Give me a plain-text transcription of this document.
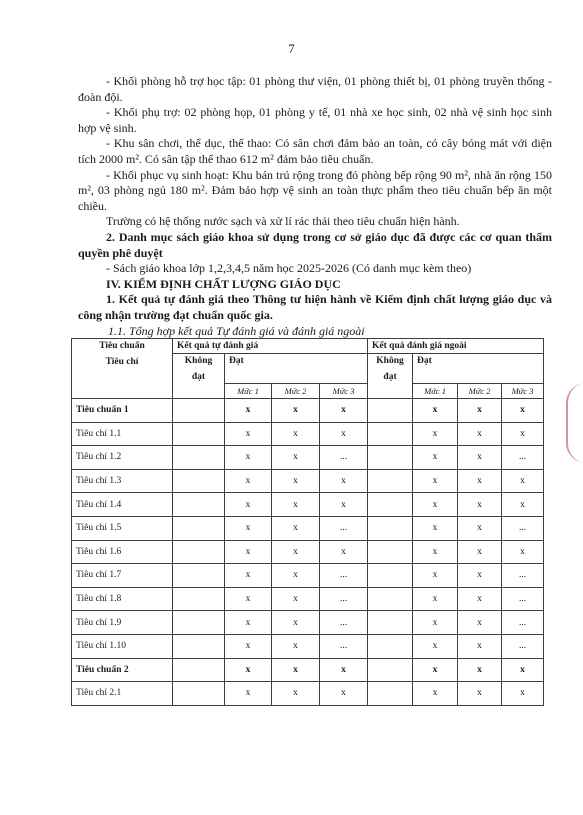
7

- Khối phòng hỗ trợ học tập: 01 phòng thư viện, 01 phòng thiết bị, 01 phòng truyền thống - đoàn đội.

- Khối phụ trợ: 02 phòng họp, 01 phòng y tế, 01 nhà xe học sinh, 02 nhà vệ sinh học sinh hợp vệ sinh.

- Khu sân chơi, thể dục, thể thao: Có sân chơi đảm bảo an toàn, có cây bóng mát với diện tích 2000 m². Có sân tập thể thao 612 m² đảm bảo tiêu chuẩn.

- Khối phục vụ sinh hoạt: Khu bán trú rộng trong đó phòng bếp rộng 90 m², nhà ăn rộng 150 m², 03 phòng ngủ 180 m². Đảm bảo hợp vệ sinh an toàn thực phẩm theo tiêu chuẩn bếp ăn một chiều.

Trường có hệ thống nước sạch và xử lí rác thải theo tiêu chuẩn hiện hành.

2. Danh mục sách giáo khoa sử dụng trong cơ sở giáo dục đã được các cơ quan thẩm quyền phê duyệt

- Sách giáo khoa lớp 1,2,3,4,5 năm học 2025-2026 (Có danh mục kèm theo)

IV. KIỂM ĐỊNH CHẤT LƯỢNG GIÁO DỤC

1. Kết quả tự đánh giá theo Thông tư hiện hành về Kiểm định chất lượng giáo dục và công nhận trường đạt chuẩn quốc gia.

1.1. Tổng hợp kết quả Tự đánh giá và đánh giá ngoài

Tiêu chuẩn
Tiêu chí	Kết quả tự đánh giá				Kết quả đánh giá ngoài			

	Không
đạt	Đạt			Không
đạt	Đạt		
		Mức 1	Mức 2	Mức 3		Mức 1	Mức 2	Mức 3
Tiêu chuẩn 1		x	x	x		x	x	x
Tiêu chí 1.1		x	x	x		x	x	x
Tiêu chí 1.2		x	x	...		x	x	...
Tiêu chí 1.3		x	x	x		x	x	x
Tiêu chí 1.4		x	x	x		x	x	x
Tiêu chí 1.5		x	x	...		x	x	...
Tiêu chí 1.6		x	x	x		x	x	x
Tiêu chí 1.7		x	x	...		x	x	...
Tiêu chí 1.8		x	x	...		x	x	...
Tiêu chí 1.9		x	x	...		x	x	...
Tiêu chí 1.10		x	x	...		x	x	...
Tiêu chuẩn 2		x	x	x		x	x	x
Tiêu chí 2.1		x	x	x		x	x	x
